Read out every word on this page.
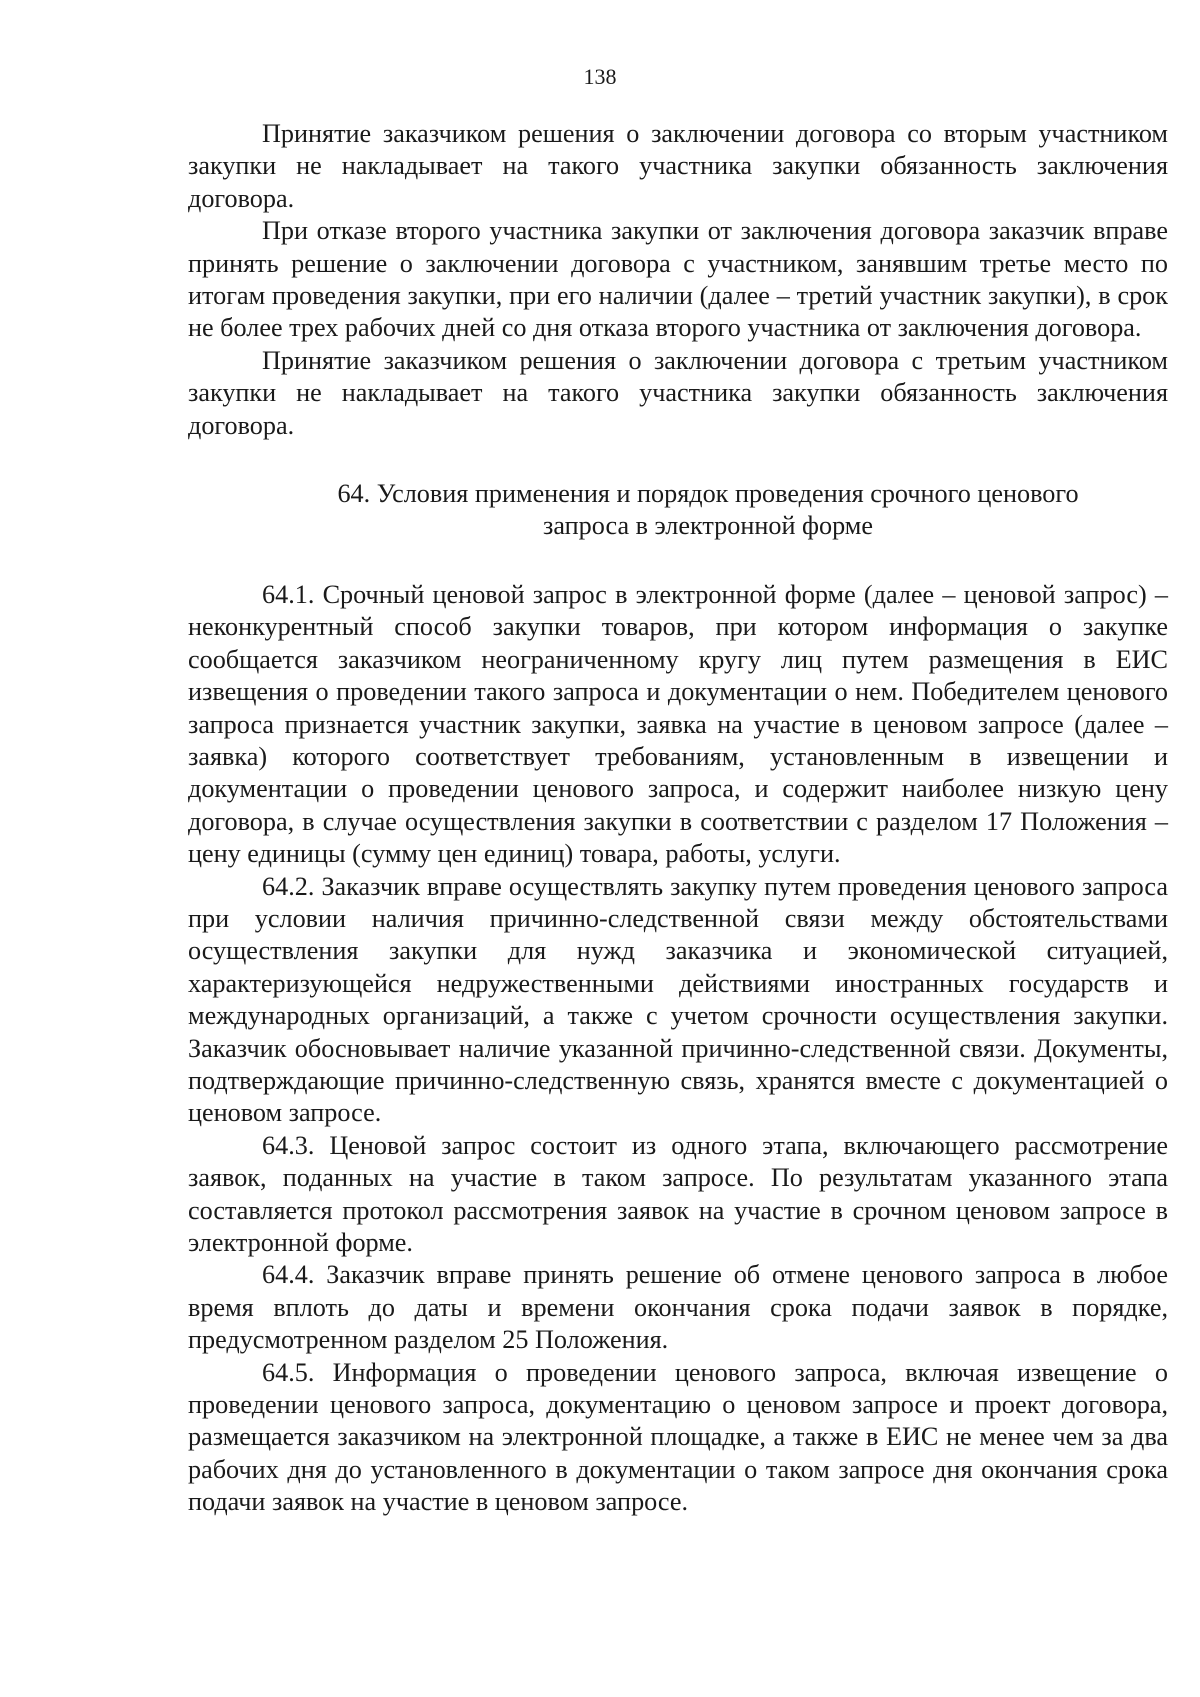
138

Принятие заказчиком решения о заключении договора со вторым участником закупки не накладывает на такого участника закупки обязанность заключения договора.

При отказе второго участника закупки от заключения договора заказчик вправе принять решение о заключении договора с участником, занявшим третье место по итогам проведения закупки, при его наличии (далее – третий участник закупки), в срок не более трех рабочих дней со дня отказа второго участника от заключения договора.

Принятие заказчиком решения о заключении договора с третьим участником закупки не накладывает на такого участника закупки обязанность заключения договора.

64. Условия применения и порядок проведения срочного ценового
запроса в электронной форме

64.1. Срочный ценовой запрос в электронной форме (далее – ценовой запрос) – неконкурентный способ закупки товаров, при котором информация о закупке сообщается заказчиком неограниченному кругу лиц путем размещения в ЕИС извещения о проведении такого запроса и документации о нем. Победителем ценового запроса признается участник закупки, заявка на участие в ценовом запросе (далее – заявка) которого соответствует требованиям, установленным в извещении и документации о проведении ценового запроса, и содержит наиболее низкую цену договора, в случае осуществления закупки в соответствии с разделом 17 Положения – цену единицы (сумму цен единиц) товара, работы, услуги.

64.2. Заказчик вправе осуществлять закупку путем проведения ценового запроса при условии наличия причинно-следственной связи между обстоятельствами осуществления закупки для нужд заказчика и экономической ситуацией, характеризующейся недружественными действиями иностранных государств и международных организаций, а также с учетом срочности осуществления закупки. Заказчик обосновывает наличие указанной причинно-следственной связи. Документы, подтверждающие причинно-следственную связь, хранятся вместе с документацией о ценовом запросе.

64.3. Ценовой запрос состоит из одного этапа, включающего рассмотрение заявок, поданных на участие в таком запросе. По результатам указанного этапа составляется протокол рассмотрения заявок на участие в срочном ценовом запросе в электронной форме.

64.4. Заказчик вправе принять решение об отмене ценового запроса в любое время вплоть до даты и времени окончания срока подачи заявок в порядке, предусмотренном разделом 25 Положения.

64.5. Информация о проведении ценового запроса, включая извещение о проведении ценового запроса, документацию о ценовом запросе и проект договора, размещается заказчиком на электронной площадке, а также в ЕИС не менее чем за два рабочих дня до установленного в документации о таком запросе дня окончания срока подачи заявок на участие в ценовом запросе.
